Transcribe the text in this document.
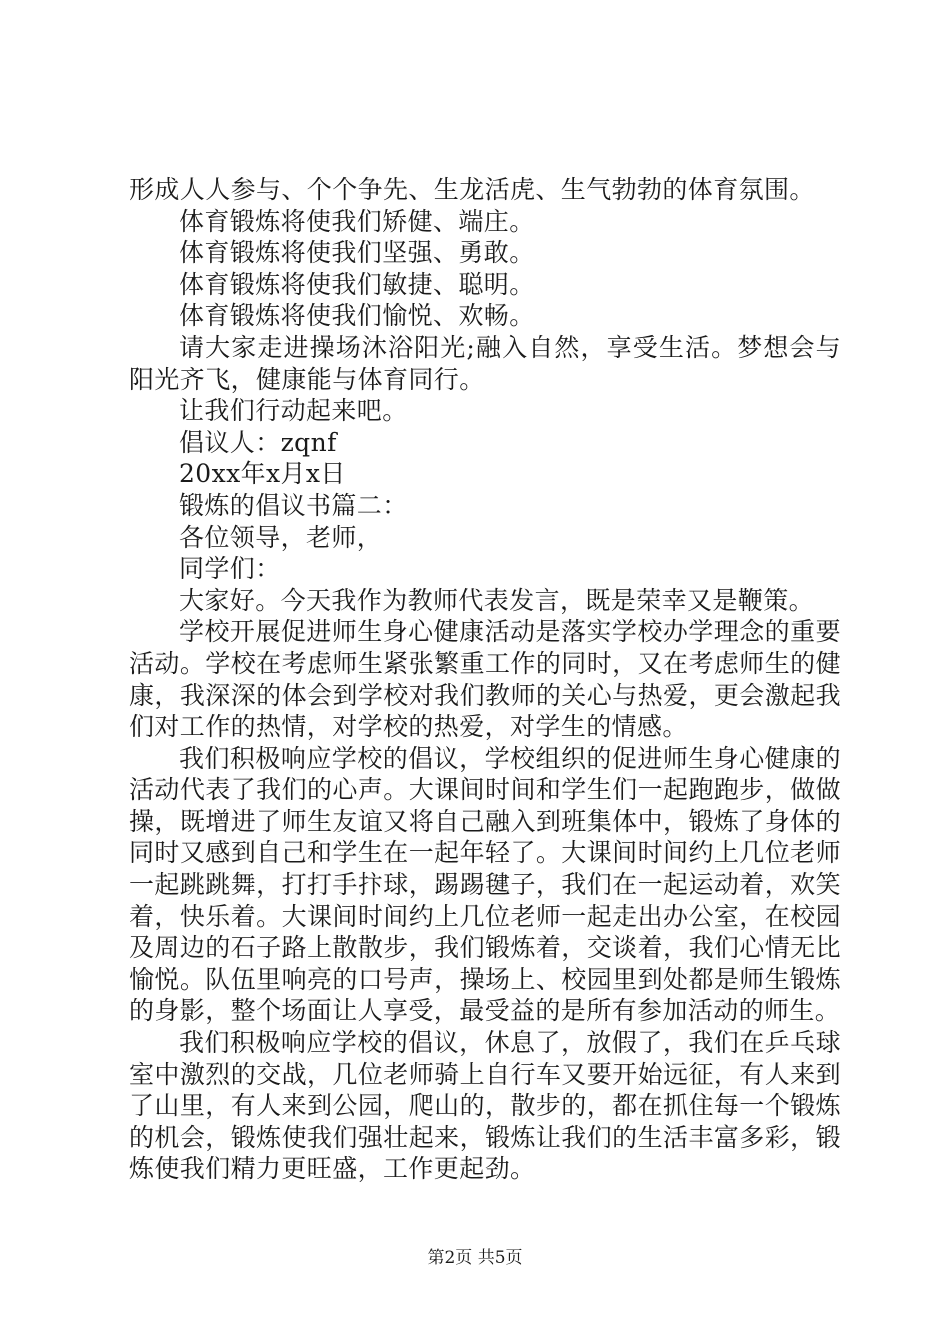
形成人人参与、个个争先、生龙活虎、生气勃勃的体育氛围。

体育锻炼将使我们矫健、端庄。

体育锻炼将使我们坚强、勇敢。

体育锻炼将使我们敏捷、聪明。

体育锻炼将使我们愉悦、欢畅。

请大家走进操场沐浴阳光;融入自然，享受生活。梦想会与阳光齐飞，健康能与体育同行。

让我们行动起来吧。

倡议人：zqnf

20xx年x月x日

锻炼的倡议书篇二：

各位领导，老师，

同学们：

大家好。今天我作为教师代表发言，既是荣幸又是鞭策。

学校开展促进师生身心健康活动是落实学校办学理念的重要活动。学校在考虑师生紧张繁重工作的同时，又在考虑师生的健康，我深深的体会到学校对我们教师的关心与热爱，更会激起我们对工作的热情，对学校的热爱，对学生的情感。

我们积极响应学校的倡议，学校组织的促进师生身心健康的活动代表了我们的心声。大课间时间和学生们一起跑跑步，做做操，既增进了师生友谊又将自己融入到班集体中，锻炼了身体的同时又感到自己和学生在一起年轻了。大课间时间约上几位老师一起跳跳舞，打打手抃球，踢踢毽子，我们在一起运动着，欢笑着，快乐着。大课间时间约上几位老师一起走出办公室，在校园及周边的石子路上散散步，我们锻炼着，交谈着，我们心情无比愉悦。队伍里响亮的口号声，操场上、校园里到处都是师生锻炼的身影，整个场面让人享受，最受益的是所有参加活动的师生。

我们积极响应学校的倡议，休息了，放假了，我们在乒乓球室中激烈的交战，几位老师骑上自行车又要开始远征，有人来到了山里，有人来到公园，爬山的，散步的，都在抓住每一个锻炼的机会，锻炼使我们强壮起来，锻炼让我们的生活丰富多彩，锻炼使我们精力更旺盛，工作更起劲。

第2页 共5页
